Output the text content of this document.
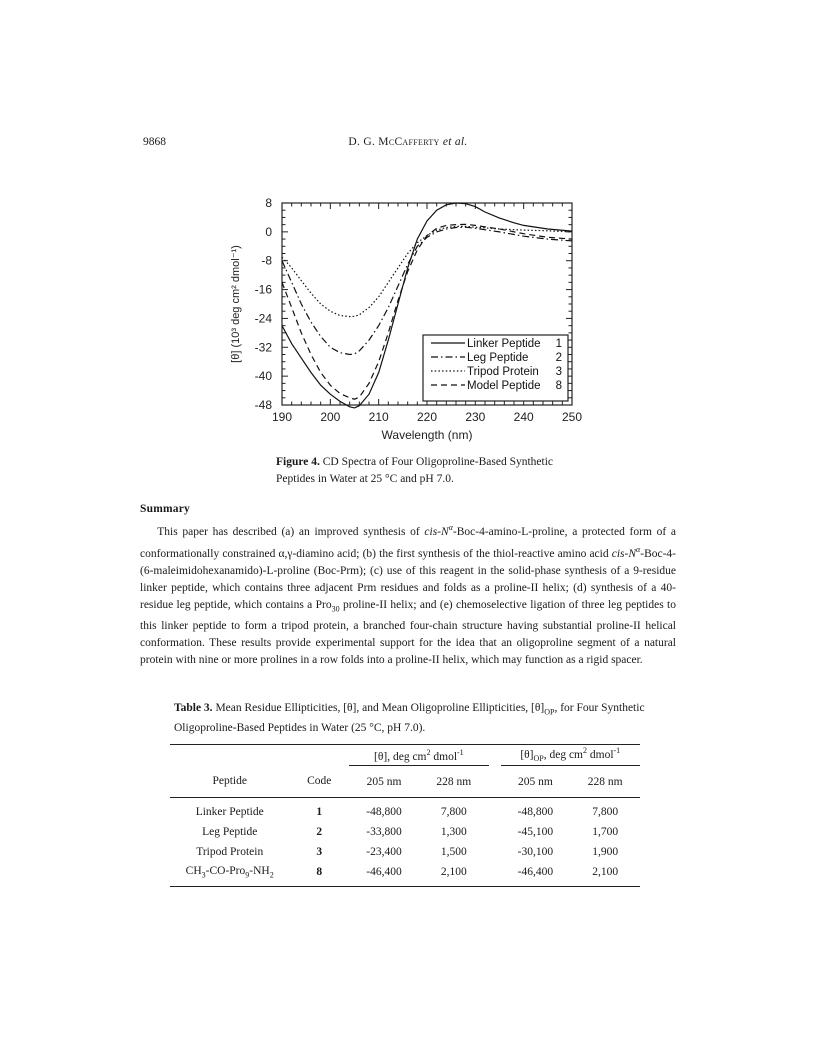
9868	D. G. McCafferty et al.
190 200 210 220 230 240 250
8
0
-8
-16
-24
-32
-40
-48
Wavelength (nm)
[θ] (10³ deg cm² dmol⁻¹)	Linker Peptide 1
Leg Peptide 2
Tripod Protein 3
Model Peptide 8
Figure 4. CD Spectra of Four Oligoproline-Based Synthetic Peptides in Water at 25 °C and pH 7.0.
Summary
  This paper has described (a) an improved synthesis of cis-$N^\alpha-Boc-4-amino-L$-proline, a protected form of a conformationally constrained α,γ-diamino acid; (b) the first synthesis of the thiol-reactive amino acid cis-$N^\alpha-Boc-4-(6-maleimidohexanamido)-L$-proline (Boc-Prm); (c) use of this reagent in the solid-phase synthesis of a 9-residue linker peptide, which contains three adjacent Prm residues and folds as a proline-II helix; (d) synthesis of a 40-residue leg peptide, which contains a Pro$_{30}$ proline-II helix; and (e) chemoselective ligation of three leg peptides to this linker peptide to form a tripod protein, a branched four-chain structure having substantial proline-II helical conformation. These results provide experimental support for the idea that an oligoproline segment of a natural protein with nine or more prolines in a row folds into a proline-II helix, which may function as a rigid spacer.
Table 3. Mean Residue Ellipticities, [θ], and Mean Oligoproline Ellipticities, $[\theta]_{OP}$, for Four Synthetic Oligoproline-Based Peptides in Water (25 °C, pH 7.0).
		[θ], deg $cm^2$ dmol$^{-1}$			$[\theta]_{OP}$, deg $cm^2$ dmol$^{-1}$
Peptide	Code	205 nm	228 nm		205 nm	228 nm
Linker Peptide	1	-48,800	7,800		-48,800	7,800
Leg Peptide	2	-33,800	1,300		-45,100	1,700
Tripod Protein	3	-23,400	1,500		-30,100	1,900
$CH_3-CO-Pro_9-NH_2$	8	-46,400	2,100		-46,400	2,100
